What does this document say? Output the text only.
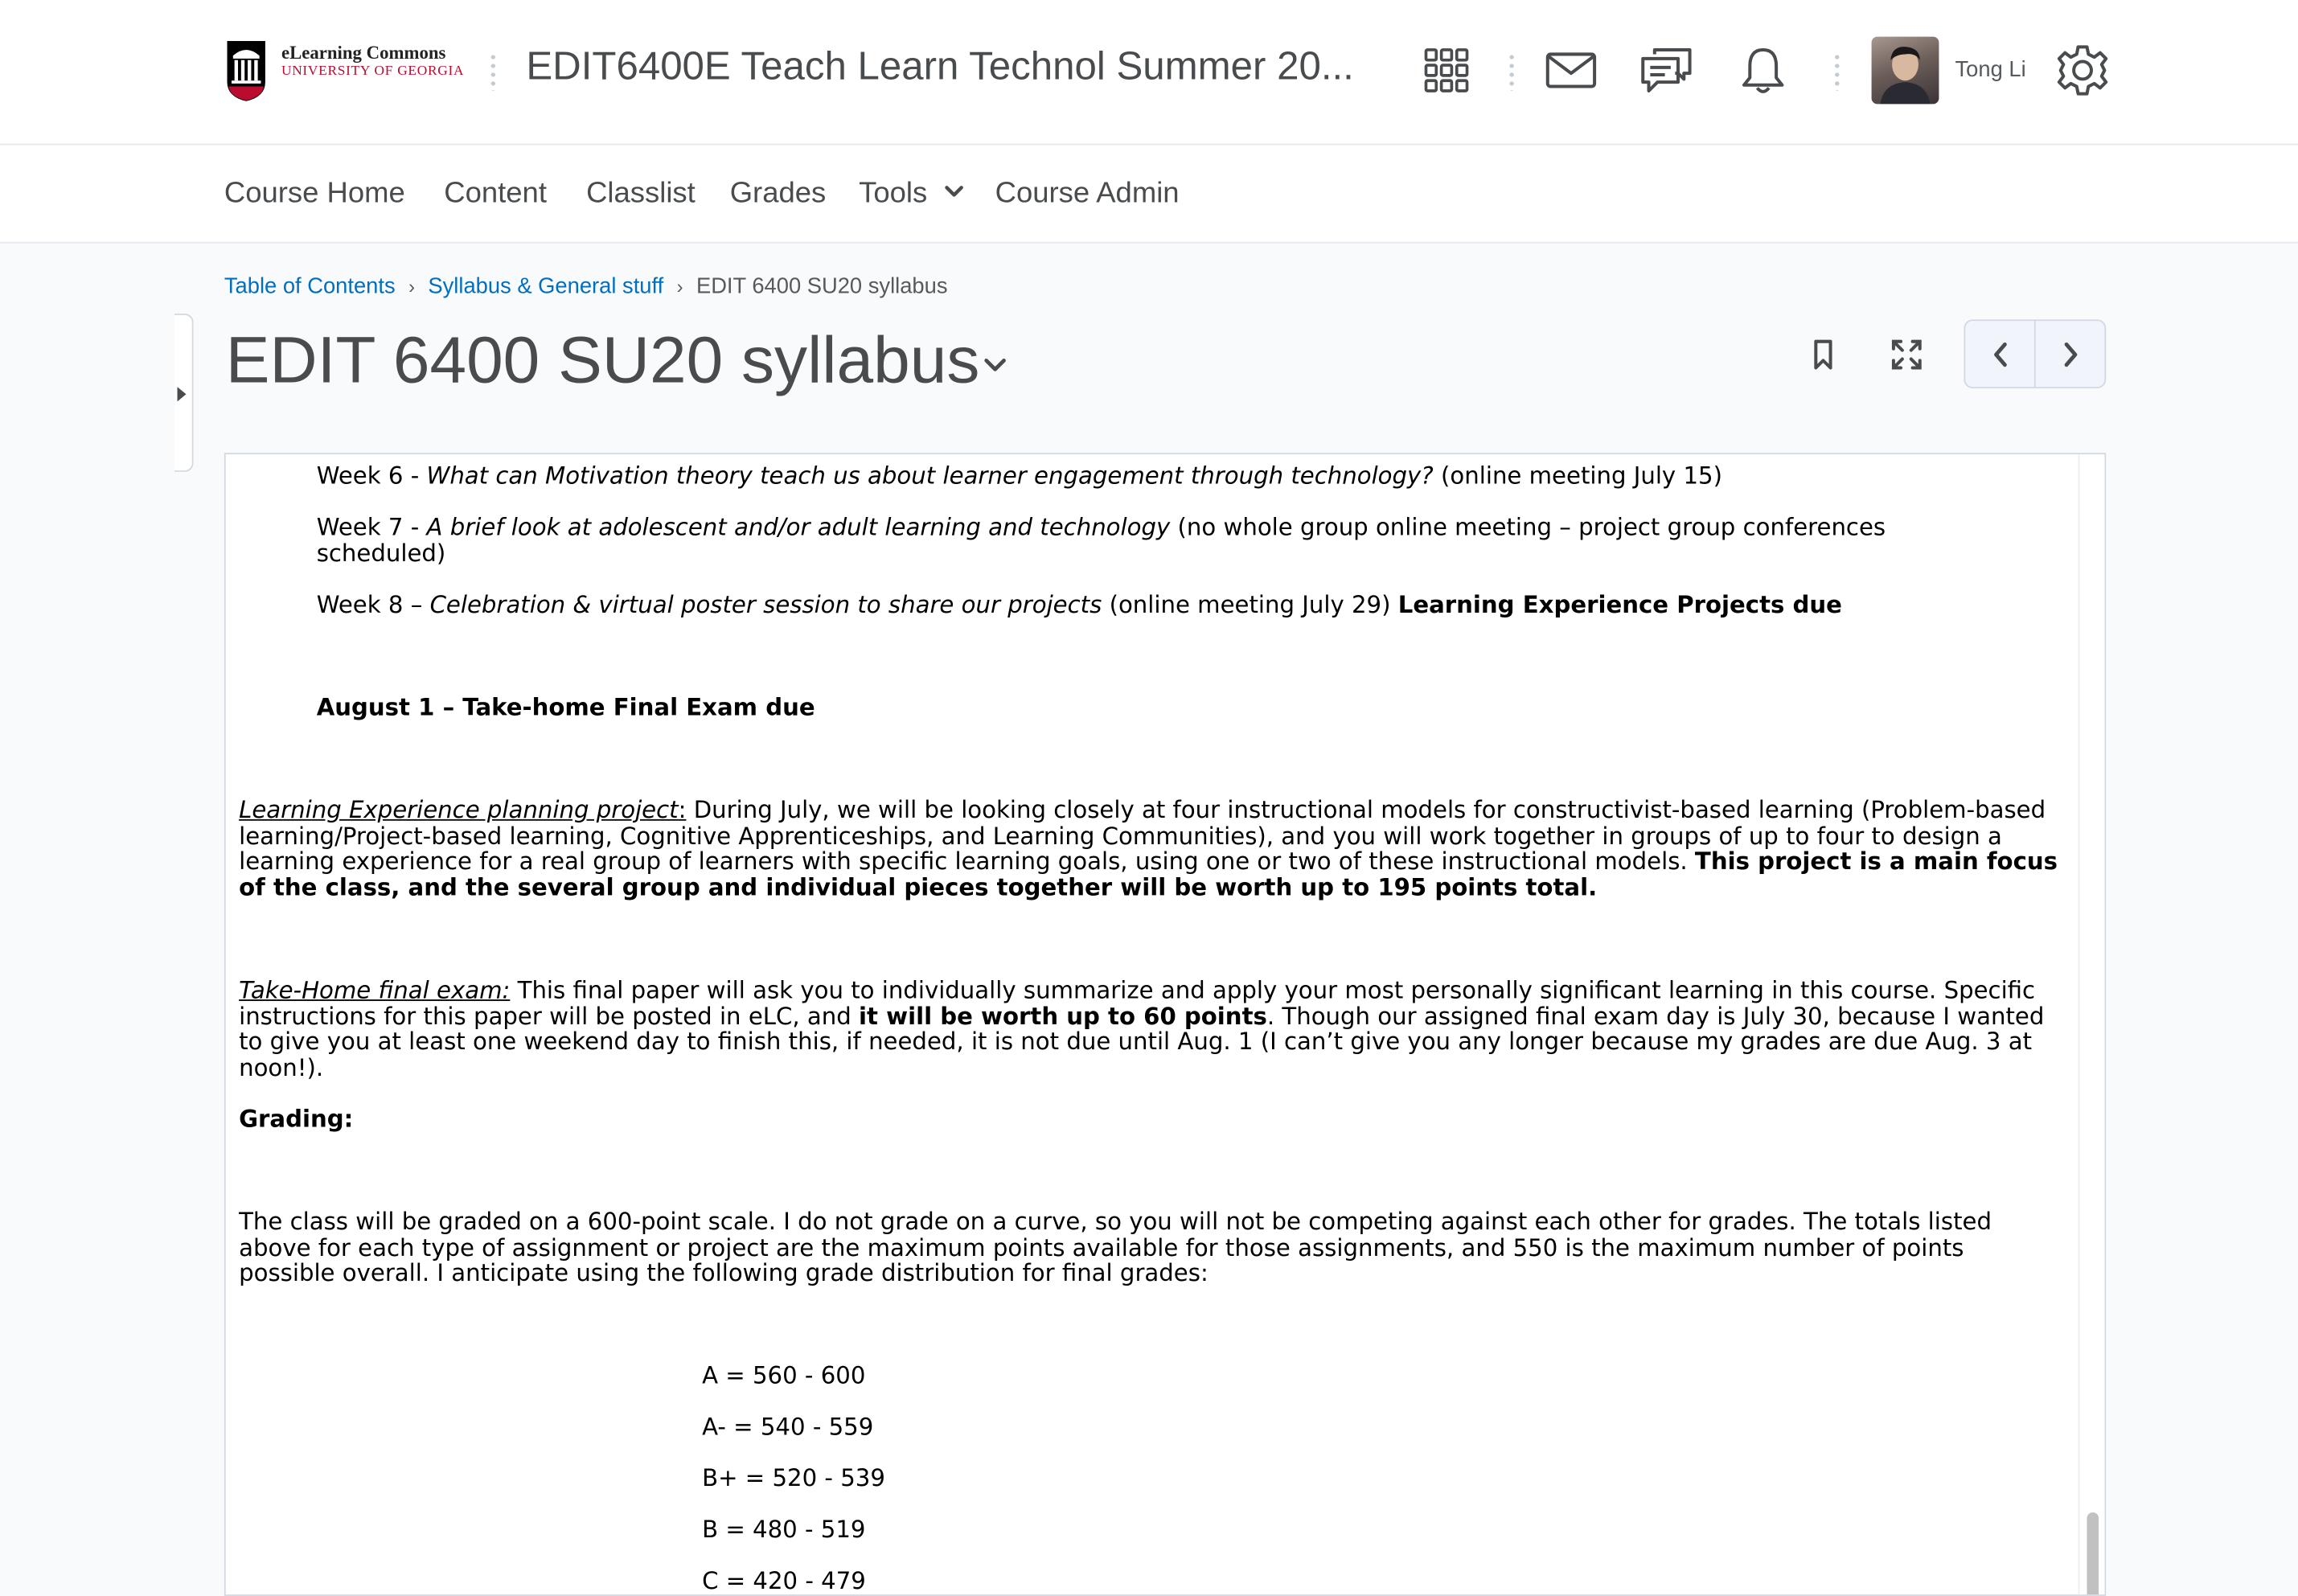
eLearning Commons
UNIVERSITY OF GEORGIA	EDIT6400E Teach Learn Technol Summer 20...	Tong Li
Course Home Content Classlist Grades Tools	Course Admin
Table of Contents › Syllabus & General stuff › EDIT 6400 SU20 syllabus
EDIT 6400 SU20 syllabus
Week 6 - What can Motivation theory teach us about learner engagement through technology? (online meeting July 15)
Week 7 - A brief look at adolescent and/or adult learning and technology (no whole group online meeting – project group conferences scheduled)
Week 8 – Celebration & virtual poster session to share our projects (online meeting July 29) Learning Experience Projects due
August 1 – Take-home Final Exam due
Learning Experience planning project: During July, we will be looking closely at four instructional models for constructivist-based learning (Problem-based learning/Project-based learning, Cognitive Apprenticeships, and Learning Communities), and you will work together in groups of up to four to design a learning experience for a real group of learners with specific learning goals, using one or two of these instructional models. This project is a main focus of the class, and the several group and individual pieces together will be worth up to 195 points total.
Take-Home final exam: This final paper will ask you to individually summarize and apply your most personally significant learning in this course. Specific instructions for this paper will be posted in eLC, and it will be worth up to 60 points. Though our assigned final exam day is July 30, because I wanted to give you at least one weekend day to finish this, if needed, it is not due until Aug. 1 (I can’t give you any longer because my grades are due Aug. 3 at noon!).
Grading:
The class will be graded on a 600-point scale. I do not grade on a curve, so you will not be competing against each other for grades. The totals listed above for each type of assignment or project are the maximum points available for those assignments, and 550 is the maximum number of points possible overall. I anticipate using the following grade distribution for final grades:
A = 560 - 600
A- = 540 - 559
B+ = 520 - 539
B = 480 - 519
C = 420 - 479
